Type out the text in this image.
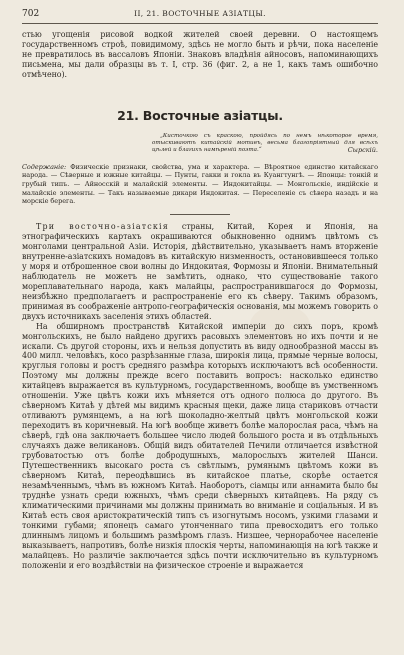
702	II, 21. ВОСТОЧНЫЕ АЗІАТЦЫ.

стью угощенія рисовой водкой жителей своей деревни. О настоящемъ государственномъ строѣ, повидимому, здѣсь не могло быть и рѣчи, пока населеніе не превратилось въ вассаловъ Японіи. Знаковъ владѣнія айносовъ, напоминающихъ письмена, мы дали образцы въ т. I, стр. 36 (фиг. 2, а не 1, какъ тамъ ошибочно отмѣчено).

21. Восточные азіатцы.
„Кисточкою съ краскою, пройдясь по немъ нѣкоторое время, отыскиваютъ китайскій мотивъ, весьма благопріятный для всѣхъ цѣлей и благихъ намѣреній поэта.“	Сырскій.
Содержаніе: Физическіе признаки, свойства, ума и характера. — Вѣроятное единство китайскаго народа. — Сѣверные и южные китайцы. — Пунты, гакки и гокла въ Куангтунгѣ. — Японцы: тонкій и грубый типъ. — Айносскій и малайскій элементы. — Индокитайцы. — Монгольскіе, индійскіе и малайскіе элементы. — Такъ называемые дикари Индокитая. — Переселеніе съ сѣвера назадъ и на морскіе берега.

Три восточно-азіатскія страны, Китай, Корея и Японія, на этнографическихъ картахъ окрашиваются обыкновенно однимъ цвѣтомъ съ монголами центральной Азіи. Исторія, дѣйствительно, указываетъ намъ вторженіе внутренне-азіатскихъ номадовъ въ китайскую низменность, остановившееся только у моря и отброшенное свои волны до Индокитая, Формозы и Японіи. Внимательный наблюдатель не можетъ не замѣтить, однако, что существованіе такого мореплавательнаго народа, какъ малайцы, распространившагося до Формозы, неизбѣжно предполагаетъ и распространеніе его къ сѣверу. Такимъ образомъ, принимая въ соображеніе антропо-географическія основанія, мы можемъ говорить о двухъ источникахъ заселенія этихъ областей.

На обширномъ пространствѣ Китайской имперіи до сихъ поръ, кромѣ монгольскихъ, не было найдено другихъ расовыхъ элементовъ но ихъ почти и не искали. Съ другой стороны, ихъ и нельзя допустить въ виду однообразной массы въ 400 милл. человѣкъ, косо разрѣзанные глаза, широкія лица, прямые черные волосы, круглыя головы и ростъ средняго размѣра которыхъ исключаютъ всѣ особенности. Поэтому мы должны прежде всего поставить вопросъ: насколько единство китайцевъ выражается въ культурномъ, государственномъ, вообще въ умственномъ отношеніи. Уже цвѣтъ кожи ихъ мѣняется отъ одного полюса до другого. Въ сѣверномъ Китаѣ у дѣтей мы видимъ красныя щеки, даже лица стариковъ отчасти отливаютъ румянцемъ, а на югѣ шоколадно-желтый цвѣтъ монгольской кожи переходитъ въ коричневый. На югѣ вообще живетъ болѣе малорослая раса, чѣмъ на сѣверѣ, гдѣ она заключаетъ большее число людей большого роста и въ отдѣльныхъ случаяхъ даже великановъ. Общій видъ обитателей Печили отличается извѣстной грубоватостью отъ болѣе добродушныхъ, малорослыхъ жителей Шанси. Путешественникъ высокаго роста съ свѣтлымъ, румянымъ цвѣтомъ кожи въ сѣверномъ Китаѣ, переодѣвшись въ китайское платье, скорѣе остается незамѣченнымъ, чѣмъ въ южномъ Китаѣ. Наоборотъ, сіамцы или аннамита было бы труднѣе узнать среди южныхъ, чѣмъ среди сѣверныхъ китайцевъ. На ряду съ климатическими причинами мы должны принимать во вниманіе и соціальныя. И въ Китаѣ есть своя аристократическій типъ съ изогнутымъ носомъ, узкими глазами и тонкими губами; японецъ самаго утонченнаго типа превосходитъ его только длиннымъ лицомъ и большимъ размѣромъ глазъ. Низшее, чернорабочее населеніе выказываетъ, напротивъ, болѣе низкія плоскія черты, напоминающія на югѣ также и малайцевъ. Но различіе заключается здѣсь почти исключительно въ культурномъ положеніи и его воздѣйствіи на физическое строеніе и выражается
